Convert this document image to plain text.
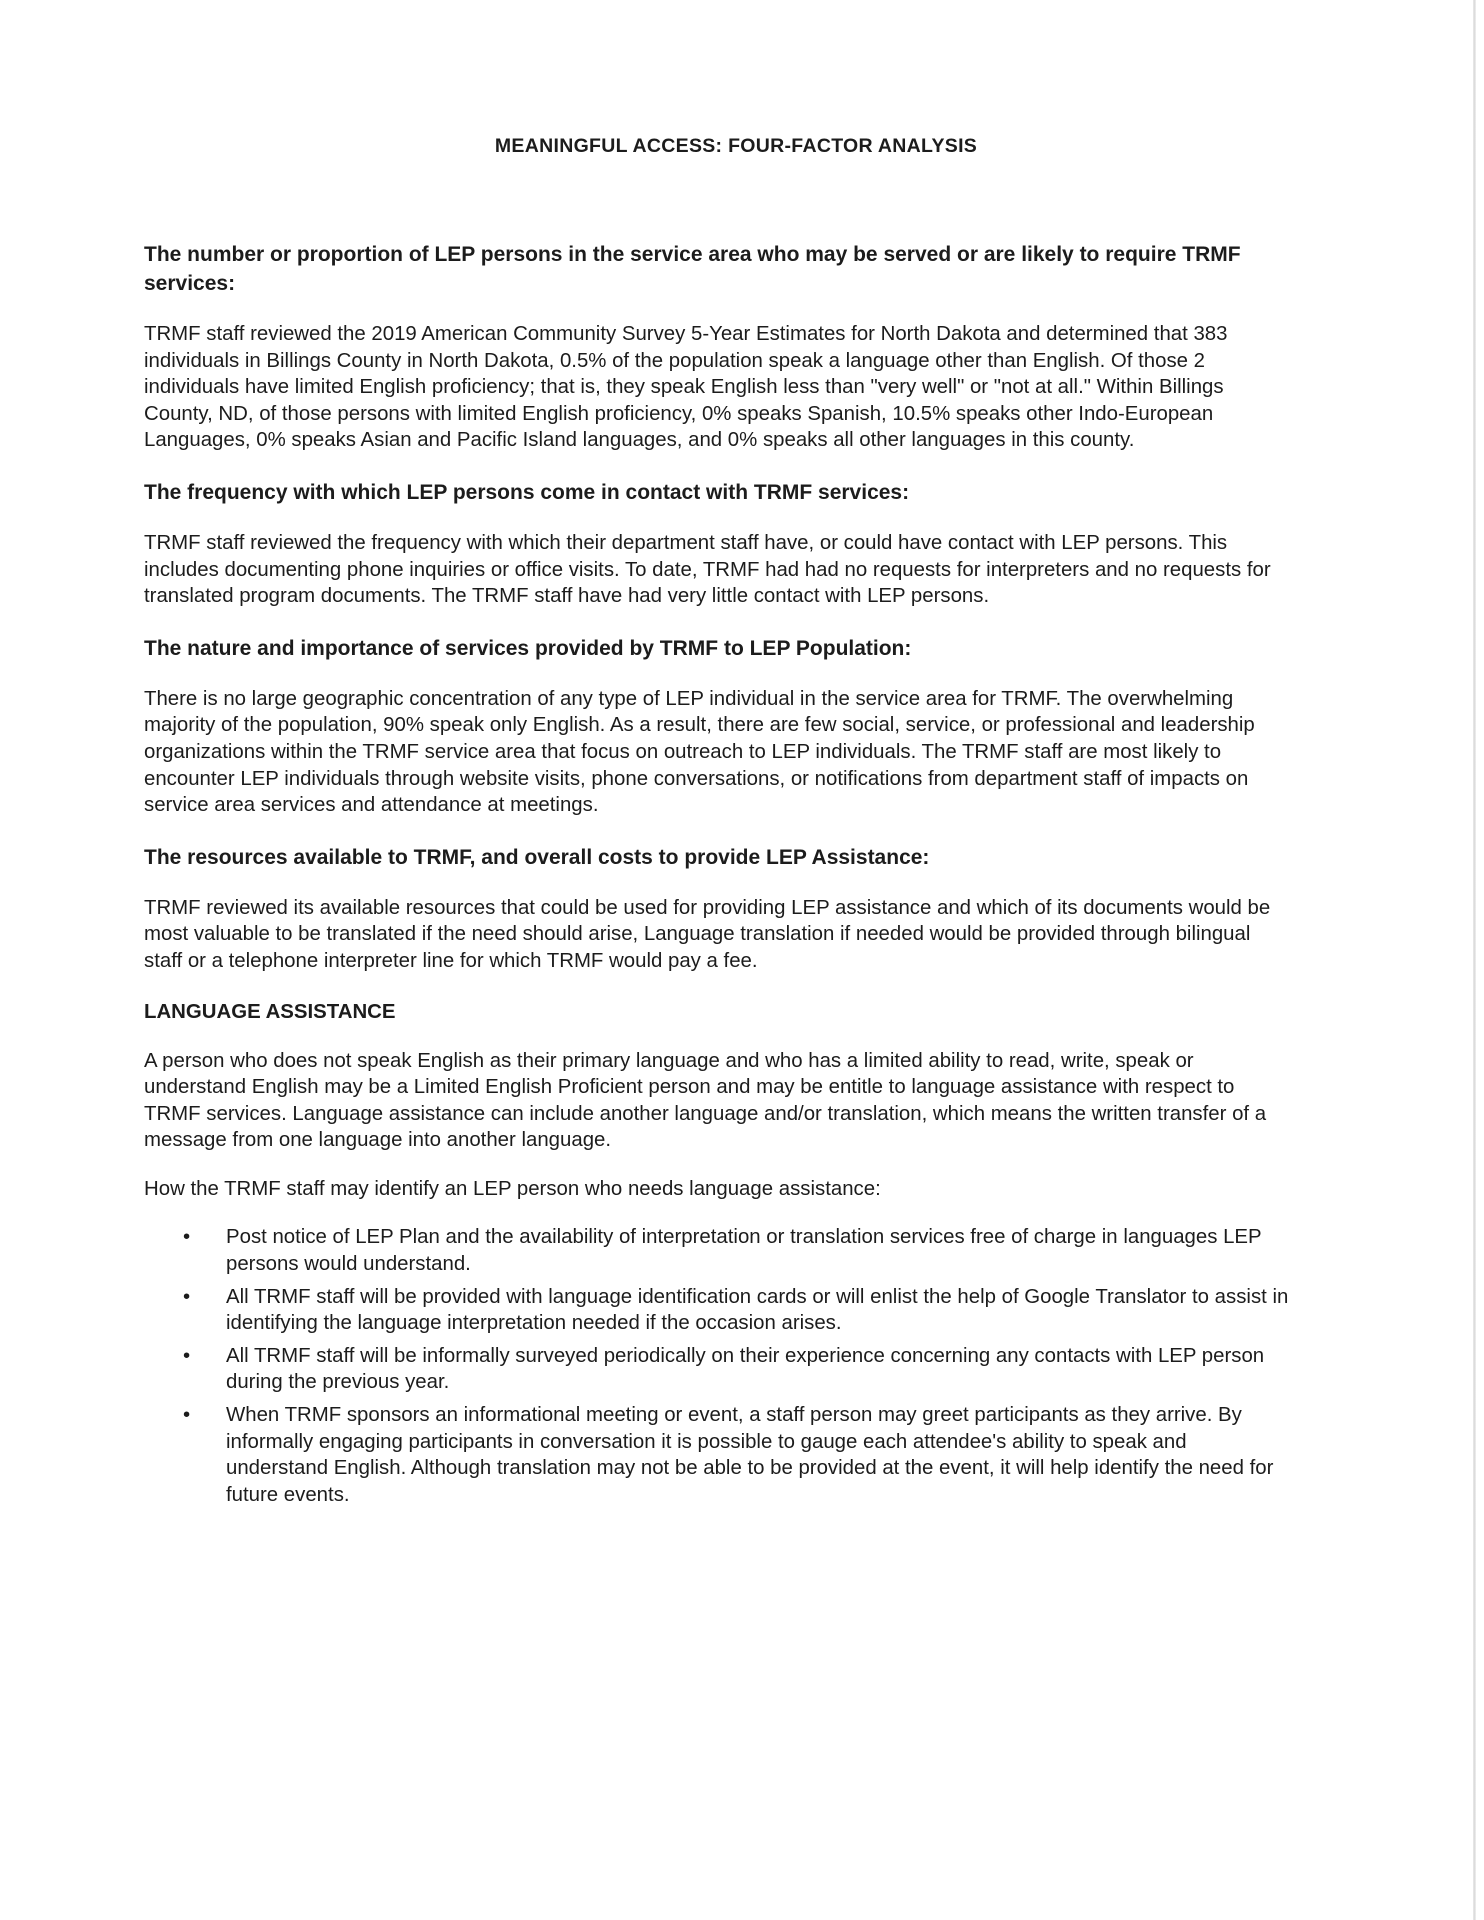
MEANINGFUL ACCESS: FOUR-FACTOR ANALYSIS
The number or proportion of LEP persons in the service area who may be served or are likely to require TRMF services:

TRMF staff reviewed the 2019 American Community Survey 5-Year Estimates for North Dakota and determined that 383 individuals in Billings County in North Dakota, 0.5% of the population speak a language other than English. Of those 2 individuals have limited English proficiency; that is, they speak English less than "very well" or "not at all." Within Billings County, ND, of those persons with limited English proficiency, 0% speaks Spanish, 10.5% speaks other Indo-European Languages, 0% speaks Asian and Pacific Island languages, and 0% speaks all other languages in this county.

The frequency with which LEP persons come in contact with TRMF services:

TRMF staff reviewed the frequency with which their department staff have, or could have contact with LEP persons. This includes documenting phone inquiries or office visits. To date, TRMF had had no requests for interpreters and no requests for translated program documents. The TRMF staff have had very little contact with LEP persons.

The nature and importance of services provided by TRMF to LEP Population:

There is no large geographic concentration of any type of LEP individual in the service area for TRMF. The overwhelming majority of the population, 90% speak only English. As a result, there are few social, service, or professional and leadership organizations within the TRMF service area that focus on outreach to LEP individuals. The TRMF staff are most likely to encounter LEP individuals through website visits, phone conversations, or notifications from department staff of impacts on service area services and attendance at meetings.

The resources available to TRMF, and overall costs to provide LEP Assistance:

TRMF reviewed its available resources that could be used for providing LEP assistance and which of its documents would be most valuable to be translated if the need should arise, Language translation if needed would be provided through bilingual staff or a telephone interpreter line for which TRMF would pay a fee.

LANGUAGE ASSISTANCE

A person who does not speak English as their primary language and who has a limited ability to read, write, speak or understand English may be a Limited English Proficient person and may be entitle to language assistance with respect to TRMF services. Language assistance can include another language and/or translation, which means the written transfer of a message from one language into another language.

How the TRMF staff may identify an LEP person who needs language assistance:

• Post notice of LEP Plan and the availability of interpretation or translation services free of charge in languages LEP persons would understand.
• All TRMF staff will be provided with language identification cards or will enlist the help of Google Translator to assist in identifying the language interpretation needed if the occasion arises.
• All TRMF staff will be informally surveyed periodically on their experience concerning any contacts with LEP person during the previous year.
• When TRMF sponsors an informational meeting or event, a staff person may greet participants as they arrive. By informally engaging participants in conversation it is possible to gauge each attendee's ability to speak and understand English. Although translation may not be able to be provided at the event, it will help identify the need for future events.
